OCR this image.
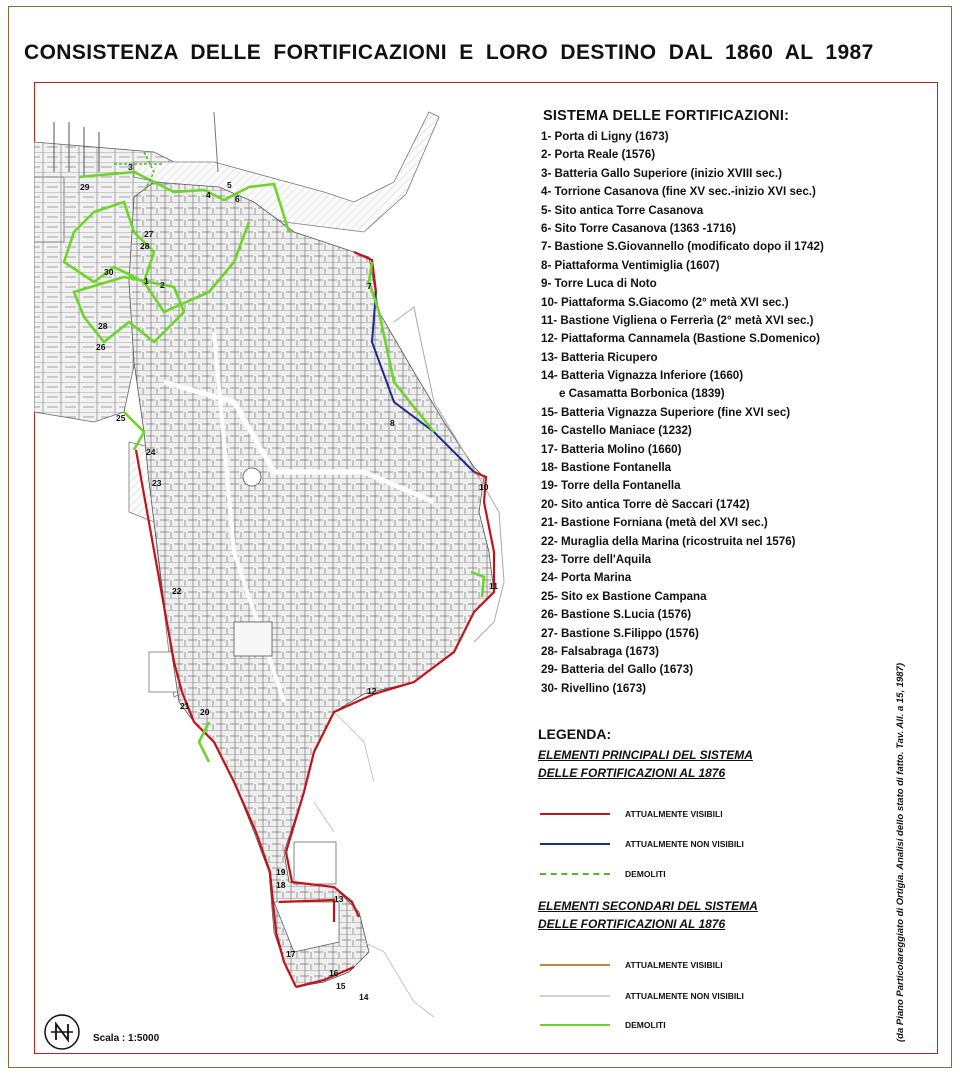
CONSISTENZA DELLE FORTIFICAZIONI E LORO DESTINO DAL 1860 AL 1987
1 2
3
4
5
6
7
8
10
11
12
13
14
15
16
17
18
19
20
21
22
23
24
25
26
27
28
28
29
30
SISTEMA DELLE FORTIFICAZIONI:
1- Porta di Ligny (1673)
2- Porta Reale (1576)
3- Batteria Gallo Superiore (inizio XVIII sec.)
4- Torrione Casanova (fine XV sec.-inizio XVI sec.)
5- Sito antica Torre Casanova
6- Sito Torre Casanova (1363 -1716)
7- Bastione S.Giovannello (modificato dopo il 1742)
8- Piattaforma Ventimiglia (1607)
9- Torre Luca di Noto
10- Piattaforma S.Giacomo (2° metà XVI sec.)
11- Bastione Vigliena o Ferrerìa (2° metà XVI sec.)
12- Piattaforma Cannamela (Bastione S.Domenico)
13- Batteria Ricupero
14- Batteria Vignazza Inferiore (1660)
e Casamatta Borbonica (1839)
15- Batteria Vignazza Superiore (fine XVI sec)
16- Castello Maniace (1232)
17- Batteria Molino (1660)
18- Bastione Fontanella
19- Torre della Fontanella
20- Sito antica Torre dè Saccari (1742)
21- Bastione Forniana (metà del XVI sec.)
22- Muraglia della Marina (ricostruita nel 1576)
23- Torre dell'Aquila
24- Porta Marina
25- Sito ex Bastione Campana
26- Bastione S.Lucia (1576)
27- Bastione S.Filippo (1576)
28- Falsabraga (1673)
29- Batteria del Gallo (1673)
30- Rivellino (1673)
LEGENDA:
ELEMENTI PRINCIPALI DEL SISTEMA
DELLE FORTIFICAZIONI AL 1876
ATTUALMENTE VISIBILI
ATTUALMENTE NON VISIBILI
DEMOLITI
ELEMENTI SECONDARI DEL SISTEMA
DELLE FORTIFICAZIONI AL 1876
ATTUALMENTE VISIBILI
ATTUALMENTE NON VISIBILI
DEMOLITI	(da Piano Particolareggiato di Ortigia. Analisi dello stato di fatto. Tav. All. a 15, 1987)
Scala : 1:5000
